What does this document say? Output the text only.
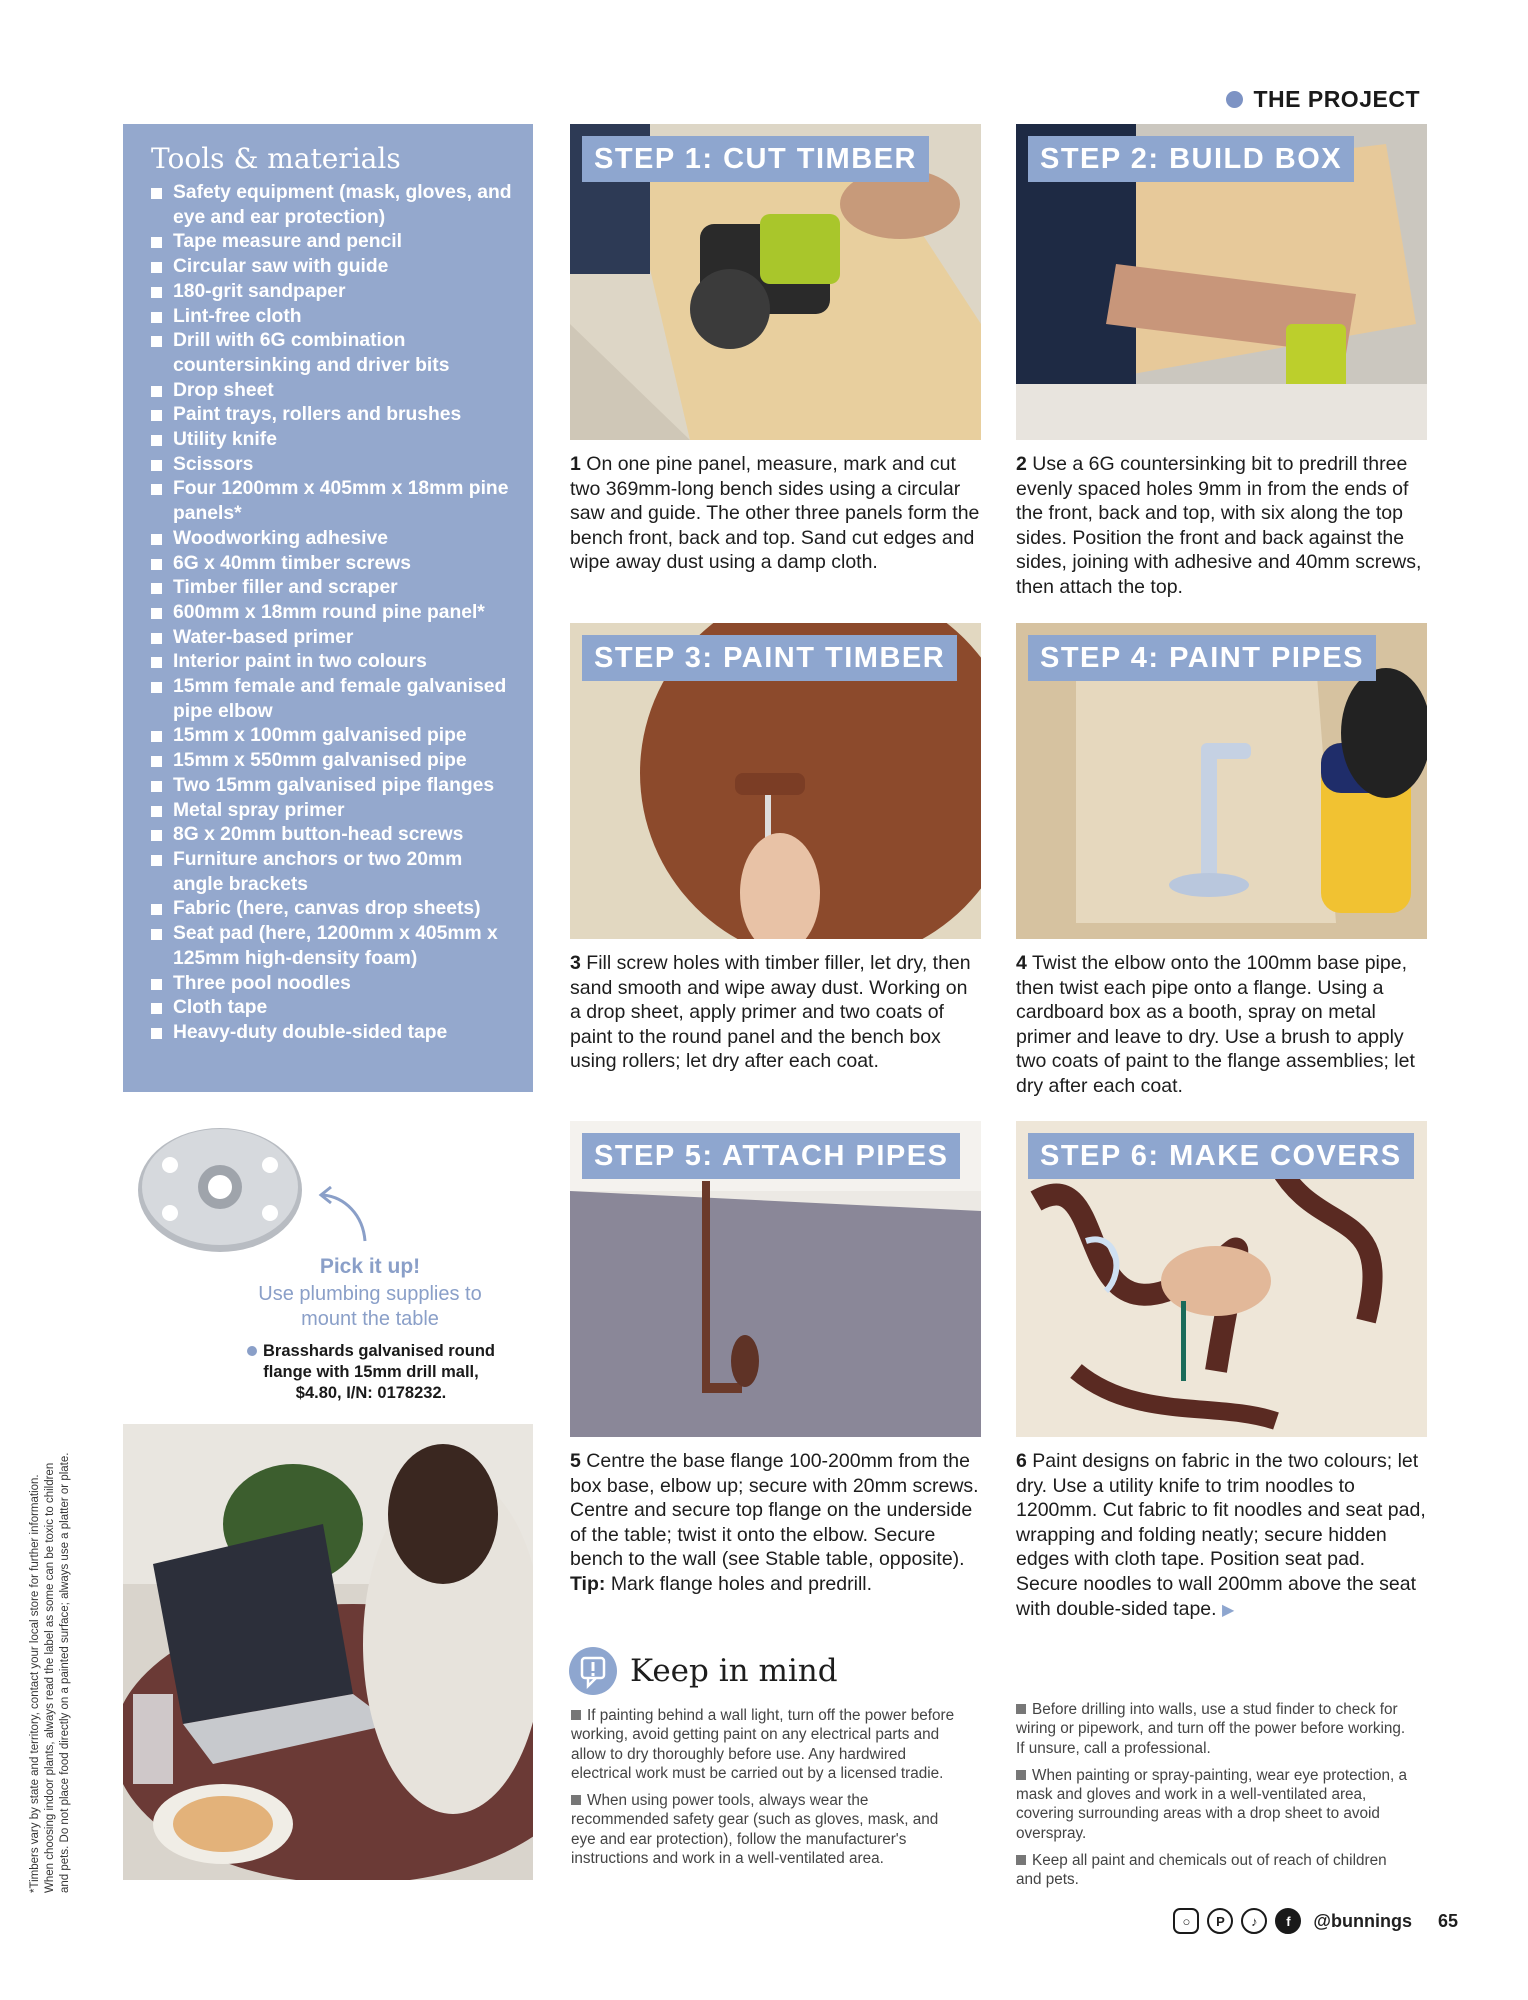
THE PROJECT
Tools & materials
Safety equipment (mask, gloves, and eye and ear protection)
Tape measure and pencil
Circular saw with guide
180-grit sandpaper
Lint-free cloth
Drill with 6G combination countersinking and driver bits
Drop sheet
Paint trays, rollers and brushes
Utility knife
Scissors
Four 1200mm x 405mm x 18mm pine panels*
Woodworking adhesive
6G x 40mm timber screws
Timber filler and scraper
600mm x 18mm round pine panel*
Water-based primer
Interior paint in two colours
15mm female and female galvanised pipe elbow
15mm x 100mm galvanised pipe
15mm x 550mm galvanised pipe
Two 15mm galvanised pipe flanges
Metal spray primer
8G x 20mm button-head screws
Furniture anchors or two 20mm angle brackets
Fabric (here, canvas drop sheets)
Seat pad (here, 1200mm x 405mm x 125mm high-density foam)
Three pool noodles
Cloth tape
Heavy-duty double-sided tape
STEP 1: CUT TIMBER
1 On one pine panel, measure, mark and cut two 369mm-long bench sides using a circular saw and guide. The other three panels form the bench front, back and top. Sand cut edges and wipe away dust using a damp cloth.
STEP 2: BUILD BOX
2 Use a 6G countersinking bit to predrill three evenly spaced holes 9mm in from the ends of the front, back and top, with six along the top sides. Position the front and back against the sides, joining with adhesive and 40mm screws, then attach the top.
STEP 3: PAINT TIMBER
3 Fill screw holes with timber filler, let dry, then sand smooth and wipe away dust. Working on a drop sheet, apply primer and two coats of paint to the round panel and the bench box using rollers; let dry after each coat.
STEP 4: PAINT PIPES
4 Twist the elbow onto the 100mm base pipe, then twist each pipe onto a flange. Using a cardboard box as a booth, spray on metal primer and leave to dry. Use a brush to apply two coats of paint to the flange assemblies; let dry after each coat.
STEP 5: ATTACH PIPES
5 Centre the base flange 100-200mm from the box base, elbow up; secure with 20mm screws. Centre and secure top flange on the underside of the table; twist it onto the elbow. Secure bench to the wall (see Stable table, opposite). Tip: Mark flange holes and predrill.
STEP 6: MAKE COVERS
6 Paint designs on fabric in the two colours; let dry. Use a utility knife to trim noodles to 1200mm. Cut fabric to fit noodles and seat pad, wrapping and folding neatly; secure hidden edges with cloth tape. Position seat pad. Secure noodles to wall 200mm above the seat with double-sided tape. ▶
Pick it up!
Use plumbing supplies to mount the table
Brasshards galvanised round
flange with 15mm drill mall,
$4.80, I/N: 0178232.
Keep in mind

If painting behind a wall light, turn off the power before working, avoid getting paint on any electrical parts and allow to dry thoroughly before use. Any hardwired electrical work must be carried out by a licensed tradie.

When using power tools, always wear the recommended safety gear (such as gloves, mask, and eye and ear protection), follow the manufacturer's instructions and work in a well-ventilated area.

Before drilling into walls, use a stud finder to check for wiring or pipework, and turn off the power before working. If unsure, call a professional.

When painting or spray-painting, wear eye protection, a mask and gloves and work in a well-ventilated area, covering surrounding areas with a drop sheet to avoid overspray.

Keep all paint and chemicals out of reach of children and pets.

*Timbers vary by state and territory, contact your local store for further information. When choosing indoor plants, always read the label as some can be toxic to children and pets. Do not place food directly on a painted surface; always use a platter or plate.
○	P	♪	f	@bunnings 65
